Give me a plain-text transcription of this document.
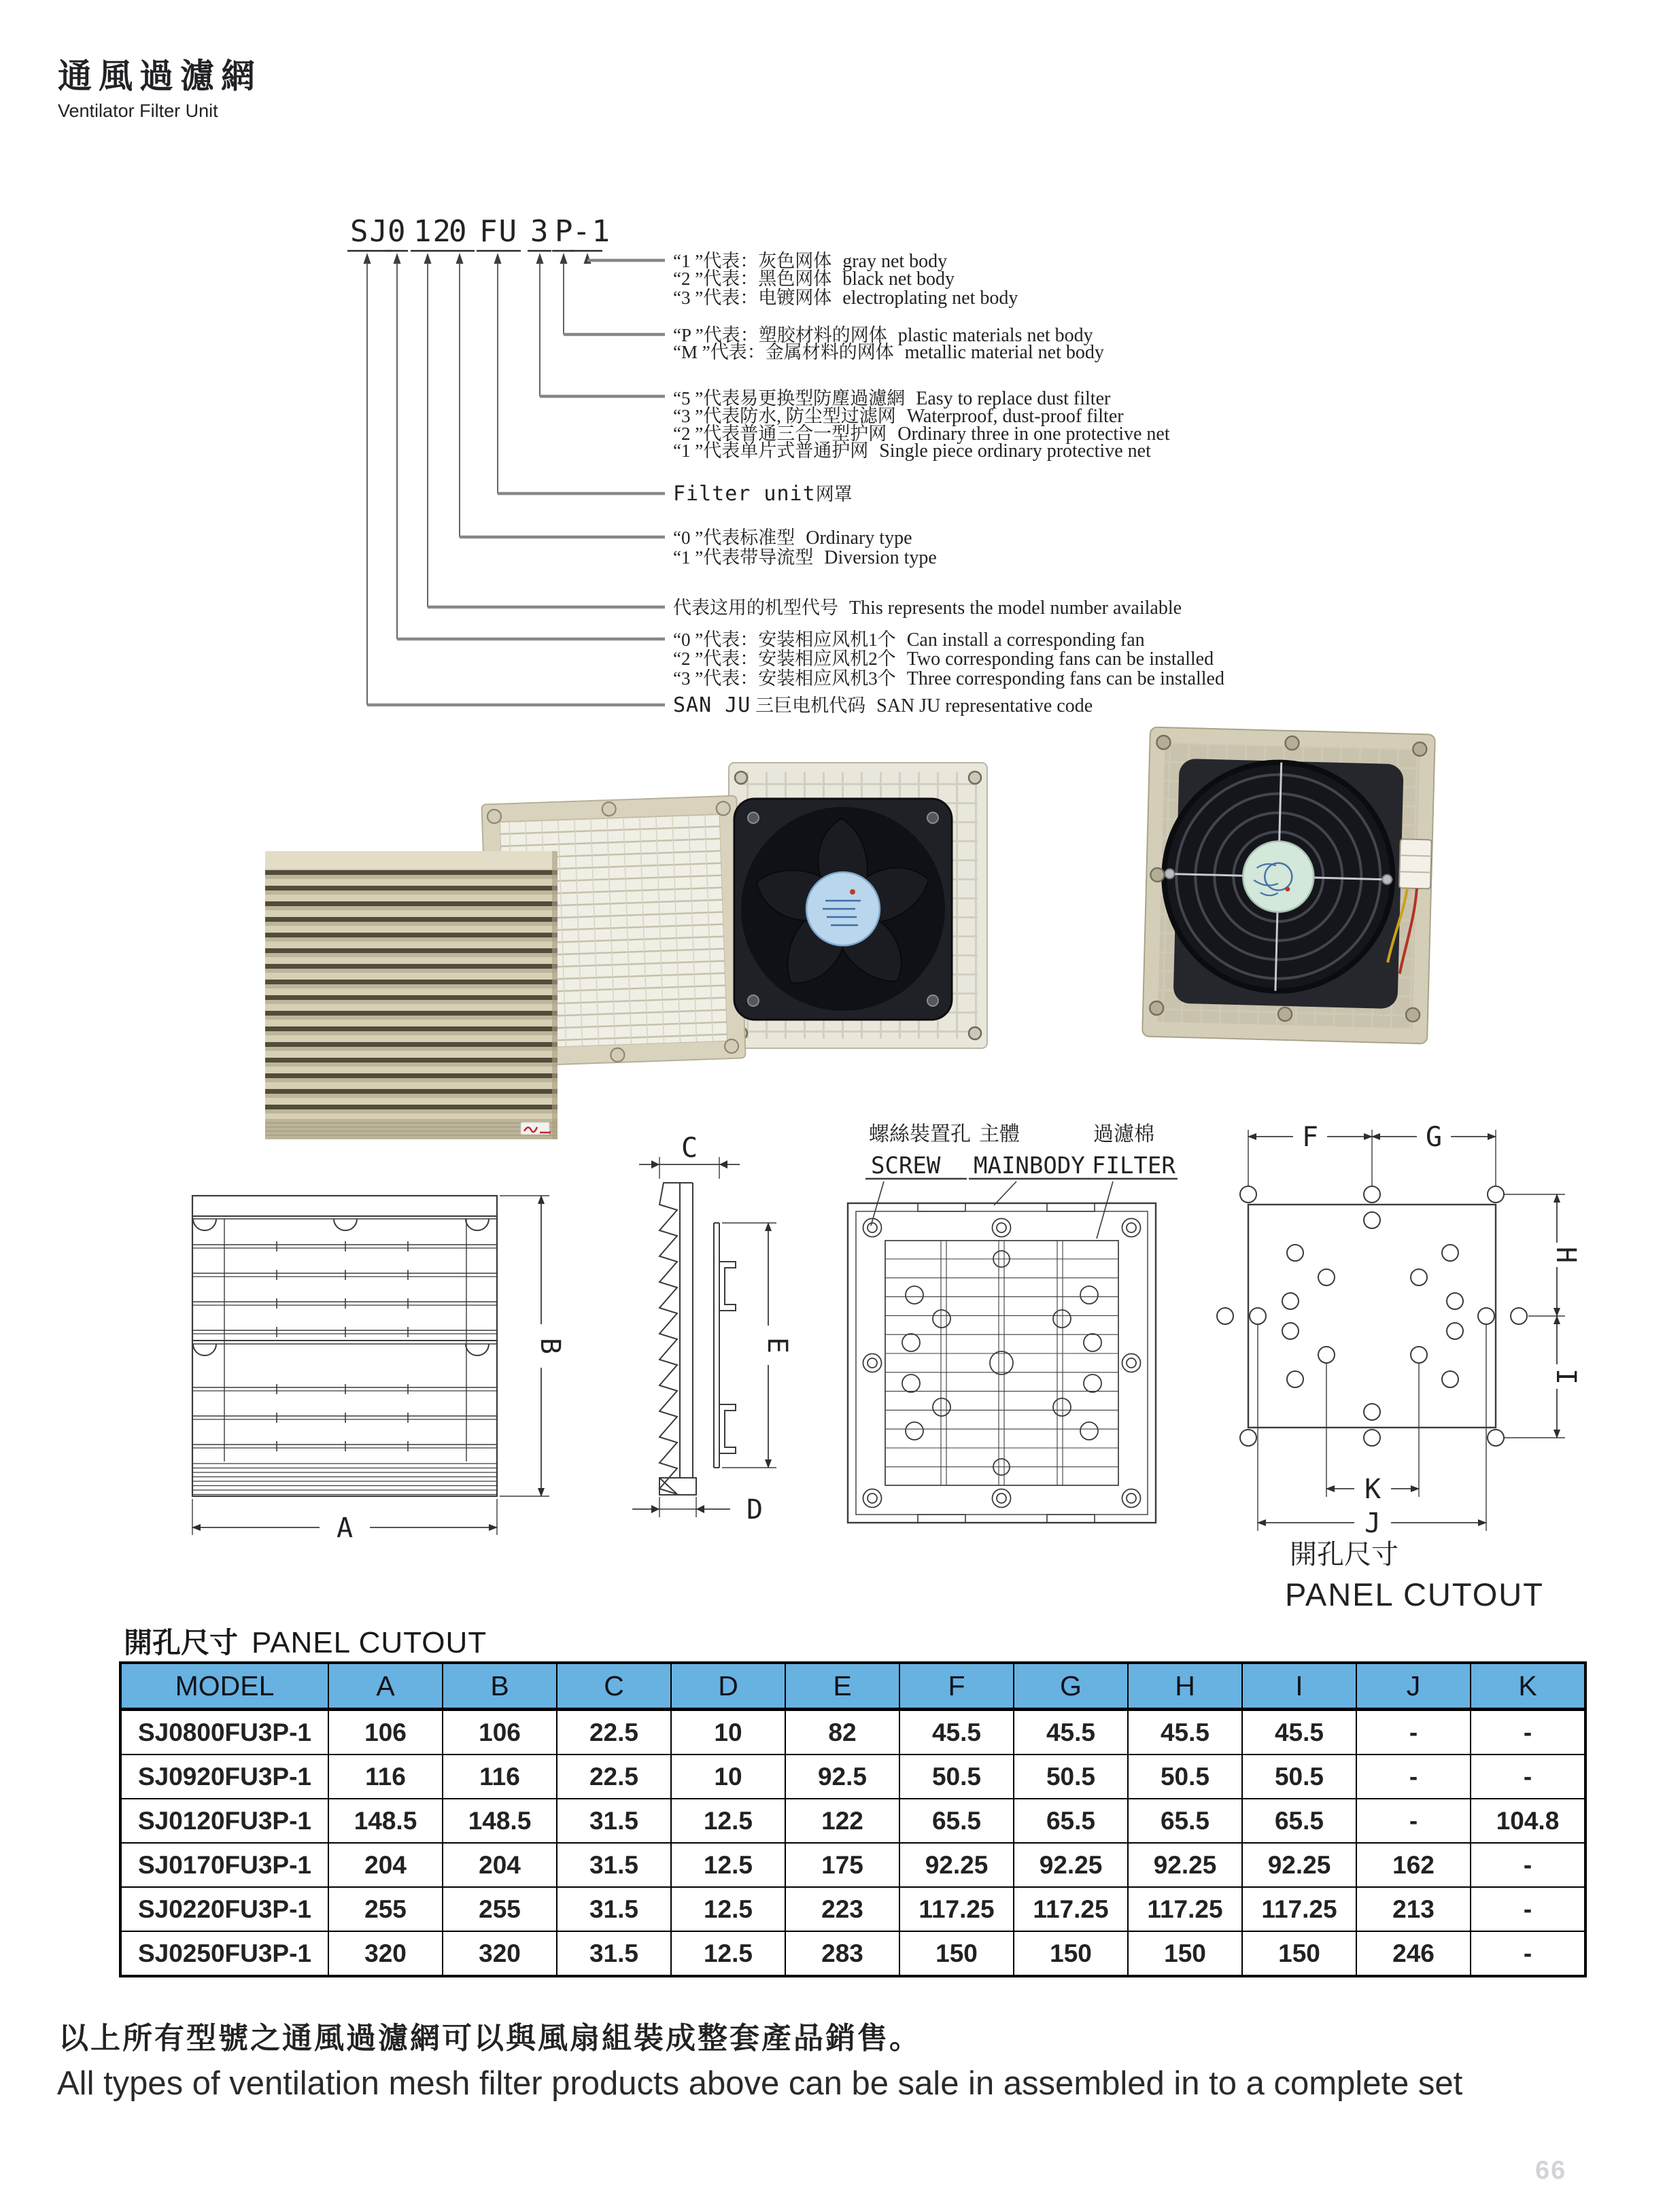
通風過濾網
Ventilator Filter Unit
SJ
0 12
0 FU 3 P
-1
“1 ”代表：灰色网体 gray net body
“2 ”代表：黑色网体 black net body
“3 ”代表：电镀网体 electroplating net body
“P ”代表：塑胶材料的网体 plastic materials net body
“M ”代表：金属材料的网体 metallic material net body
“5 ”代表易更换型防塵過濾網 Easy to replace dust filter
“3 ”代表防水, 防尘型过滤网 Waterproof, dust-proof filter
“2 ”代表普通三合一型护网 Ordinary three in one protective net
“1 ”代表单片式普通护网 Single piece ordinary protective net
Filter unit网罩
“0 ”代表标准型 Ordinary type
“1 ”代表带导流型 Diversion type
代表这用的机型代号 This represents the model number available
“0 ”代表：安装相应风机1个 Can install a corresponding fan
“2 ”代表：安装相应风机2个 Two corresponding fans can be installed
“3 ”代表：安装相应风机3个 Three corresponding fans can be installed
SAN JU 三巨电机代码 SAN JU representative code
A
B
C
D
E
F	G
H
I
K
J
螺絲裝置孔
SCREW
主體
MAINBODY
過濾棉
FILTER
開孔尺寸
PANEL CUTOUT
開孔尺寸 PANEL CUTOUT
MODEL	A	B	C	D	E	F	G	H	I	J	K
SJ0800FU3P-1	106	106	22.5	10	82	45.5	45.5	45.5	45.5	-	-
SJ0920FU3P-1	116	116	22.5	10	92.5	50.5	50.5	50.5	50.5	-	-
SJ0120FU3P-1	148.5	148.5	31.5	12.5	122	65.5	65.5	65.5	65.5	-	104.8
SJ0170FU3P-1	204	204	31.5	12.5	175	92.25	92.25	92.25	92.25	162	-
SJ0220FU3P-1	255	255	31.5	12.5	223	117.25	117.25	117.25	117.25	213	-
SJ0250FU3P-1	320	320	31.5	12.5	283	150	150	150	150	246	-
以上所有型號之通風過濾網可以與風扇組裝成整套產品銷售。
All types of ventilation mesh filter products above can be sale in assembled in to a complete set
66
